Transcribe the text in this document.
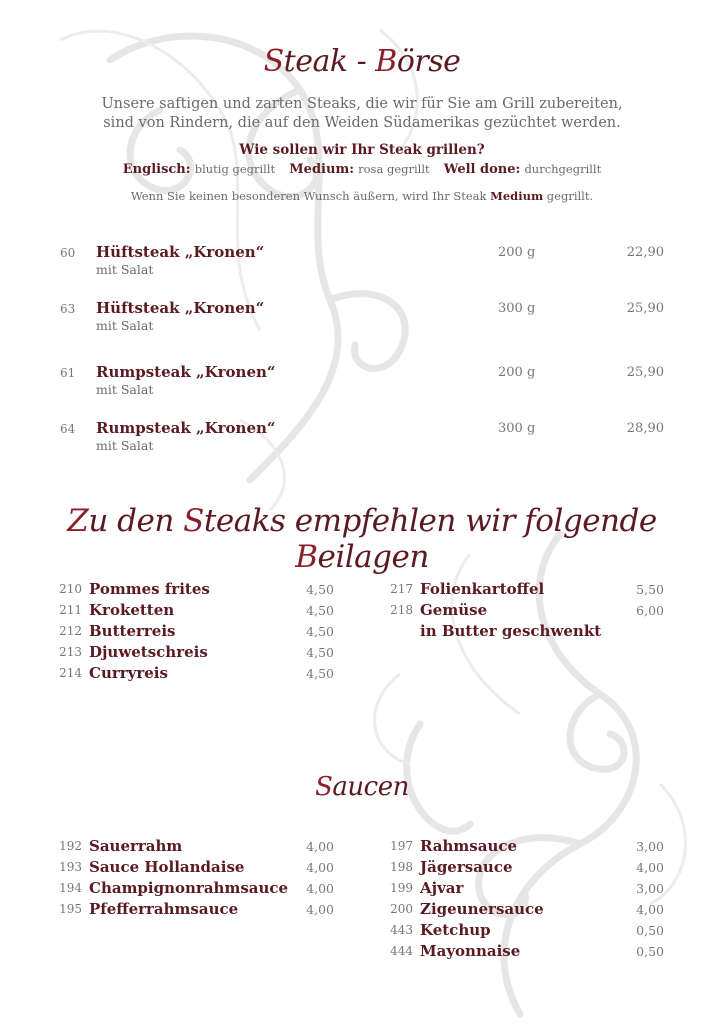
Steak - Börse
Unsere saftigen und zarten Steaks, die wir für Sie am Grill zubereiten,
sind von Rindern, die auf den Weiden Südamerikas gezüchtet werden.
Wie sollen wir Ihr Steak grillen?
Englisch: blutig gegrillt Medium: rosa gegrillt Well done: durchgegrillt
Wenn Sie keinen besonderen Wunsch äußern, wird Ihr Steak Medium gegrillt.
60 Hüftsteak „Kronen“
mit Salat
200 g	22,90
63 Hüftsteak „Kronen“
mit Salat
300 g	25,90
61 Rumpsteak „Kronen“
mit Salat
200 g	25,90
64 Rumpsteak „Kronen“
mit Salat
300 g	28,90
Zu den Steaks empfehlen wir folgende Beilagen
210 Pommes frites	4,50
211 Kroketten	4,50
212 Butterreis	4,50
213 Djuwetschreis	4,50
214 Curryreis	4,50
217 Folienkartoffel	5,50
218 Gemüse	6,00
in Butter geschwenkt
Saucen
192 Sauerrahm	4,00
193 Sauce Hollandaise	4,00
194 Champignonrahmsauce	4,00
195 Pfefferrahmsauce	4,00
197 Rahmsauce	3,00
198 Jägersauce	4,00
199 Ajvar	3,00
200 Zigeunersauce	4,00
443 Ketchup	0,50
444 Mayonnaise	0,50
